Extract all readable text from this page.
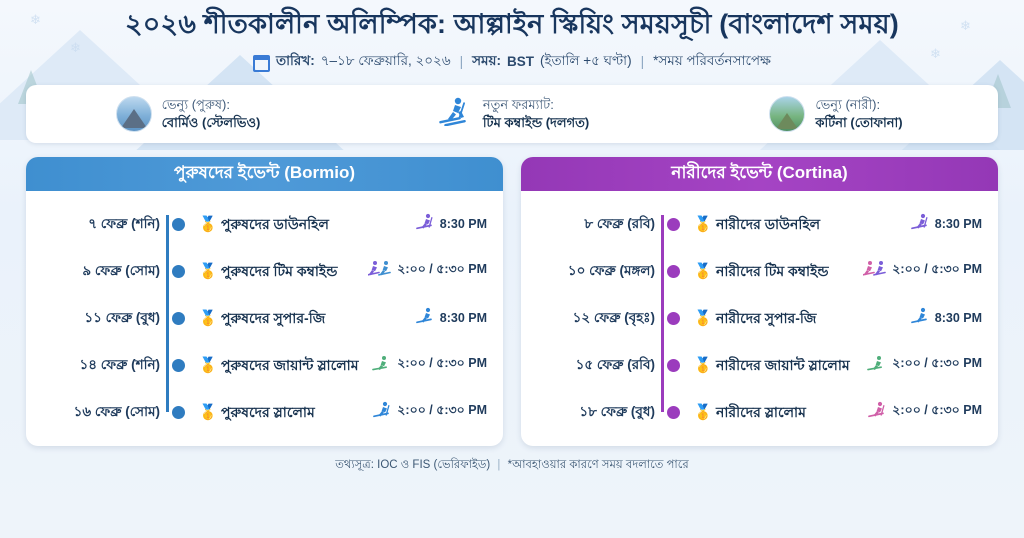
❄
❄
❄
❄
২০২৬ শীতকালীন অলিম্পিক: আল্পাইন স্কিয়িং সময়সূচী (বাংলাদেশ সময়)
তারিখ: ৭–১৮ ফেব্রুয়ারি, ২০২৬ | সময়: BST (ইতালি +৫ ঘণ্টা) | *সময় পরিবর্তনসাপেক্ষ
ভেন্যু (পুরুষ):
বোর্মিও (স্টেলভিও)
নতুন ফরম্যাট:
টিম কম্বাইন্ড (দলগত)
ভেন্যু (নারী):
কর্টিনা (তোফানা)
পুরুষদের ইভেন্ট (Bormio)
৭ ফেব্রু (শনি)	🥇 পুরুষদের ডাউনহিল	8:30 PM
৯ ফেব্রু (সোম)	🥇 পুরুষদের টিম কম্বাইন্ড	২:০০ / ৫:৩০ PM
১১ ফেব্রু (বুধ)	🥇 পুরুষদের সুপার-জি	8:30 PM
১৪ ফেব্রু (শনি)	🥇 পুরুষদের জায়ান্ট স্লালোম	২:০০ / ৫:৩০ PM
১৬ ফেব্রু (সোম)	🥇 পুরুষদের স্লালোম	২:০০ / ৫:৩০ PM
নারীদের ইভেন্ট (Cortina)
৮ ফেব্রু (রবি)	🥇 নারীদের ডাউনহিল	8:30 PM
১০ ফেব্রু (মঙ্গল)	🥇 নারীদের টিম কম্বাইন্ড	২:০০ / ৫:৩০ PM
১২ ফেব্রু (বৃহঃ)	🥇 নারীদের সুপার-জি	8:30 PM
১৫ ফেব্রু (রবি)	🥇 নারীদের জায়ান্ট স্লালোম	২:০০ / ৫:৩০ PM
১৮ ফেব্রু (বুধ)	🥇 নারীদের স্লালোম	২:০০ / ৫:৩০ PM
তথ্যসূত্র: IOC ও FIS (ভেরিফাইড) | *আবহাওয়ার কারণে সময় বদলাতে পারে
